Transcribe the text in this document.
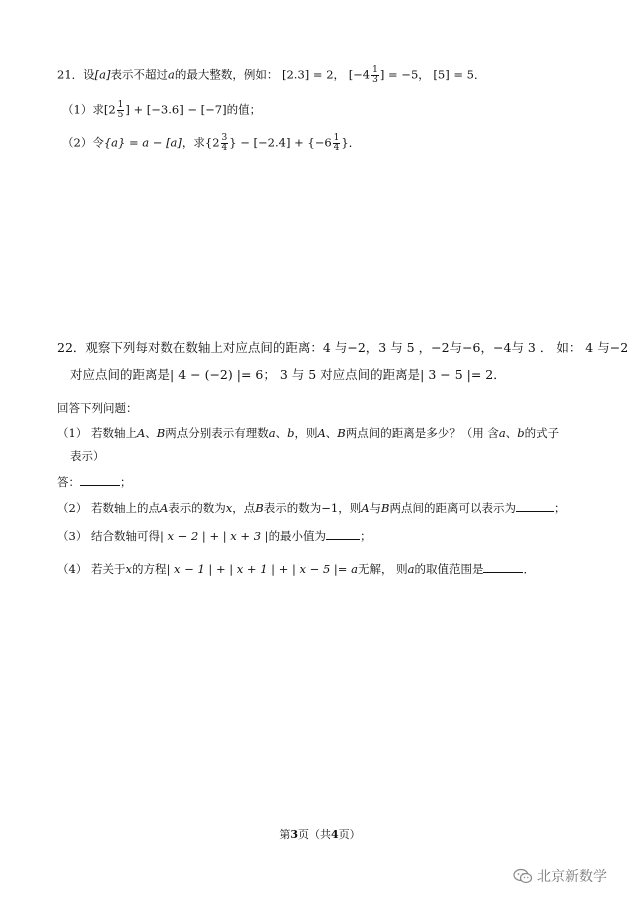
21．设[a]表示不超过a的最大整数，例如： [2.3] = 2， [$-4 \frac{1}{3}$ ] = −5， [5] = 5．
（1）求[$2 \frac{1}{5}$ ] + [−3.6] − [−7]的值；
（2）令{a} = a − [a]，求{$2 \frac{3}{4}$ } − $[-2.4] + \{-6 \frac{1}{4}$ }．
22．观察下列每对数在数轴上对应点间的距离：4 与−2，3 与 5 ，−2与−6，−4与 3 ． 如： 4 与−2
对应点间的距离是| 4 − (−2) |= 6； 3 与 5 对应点间的距离是| 3 − 5 |= 2．
回答下列问题：
（1） 若数轴上A、B两点分别表示有理数a、b，则A、B两点间的距离是多少？（用 含a、b的式子
表示）
答：	；
（2） 若数轴上的点A表示的数为x，点B表示的数为−1，则A与B两点间的距离可以表示为	；
（3） 结合数轴可得| x − 2 | + | x + 3 |的最小值为	；
（4） 若关于x的方程| x − 1 | + | x + 1 | + | x − 5 |= a无解， 则a的取值范围是	．
第3页（共4页）
北京新数学
